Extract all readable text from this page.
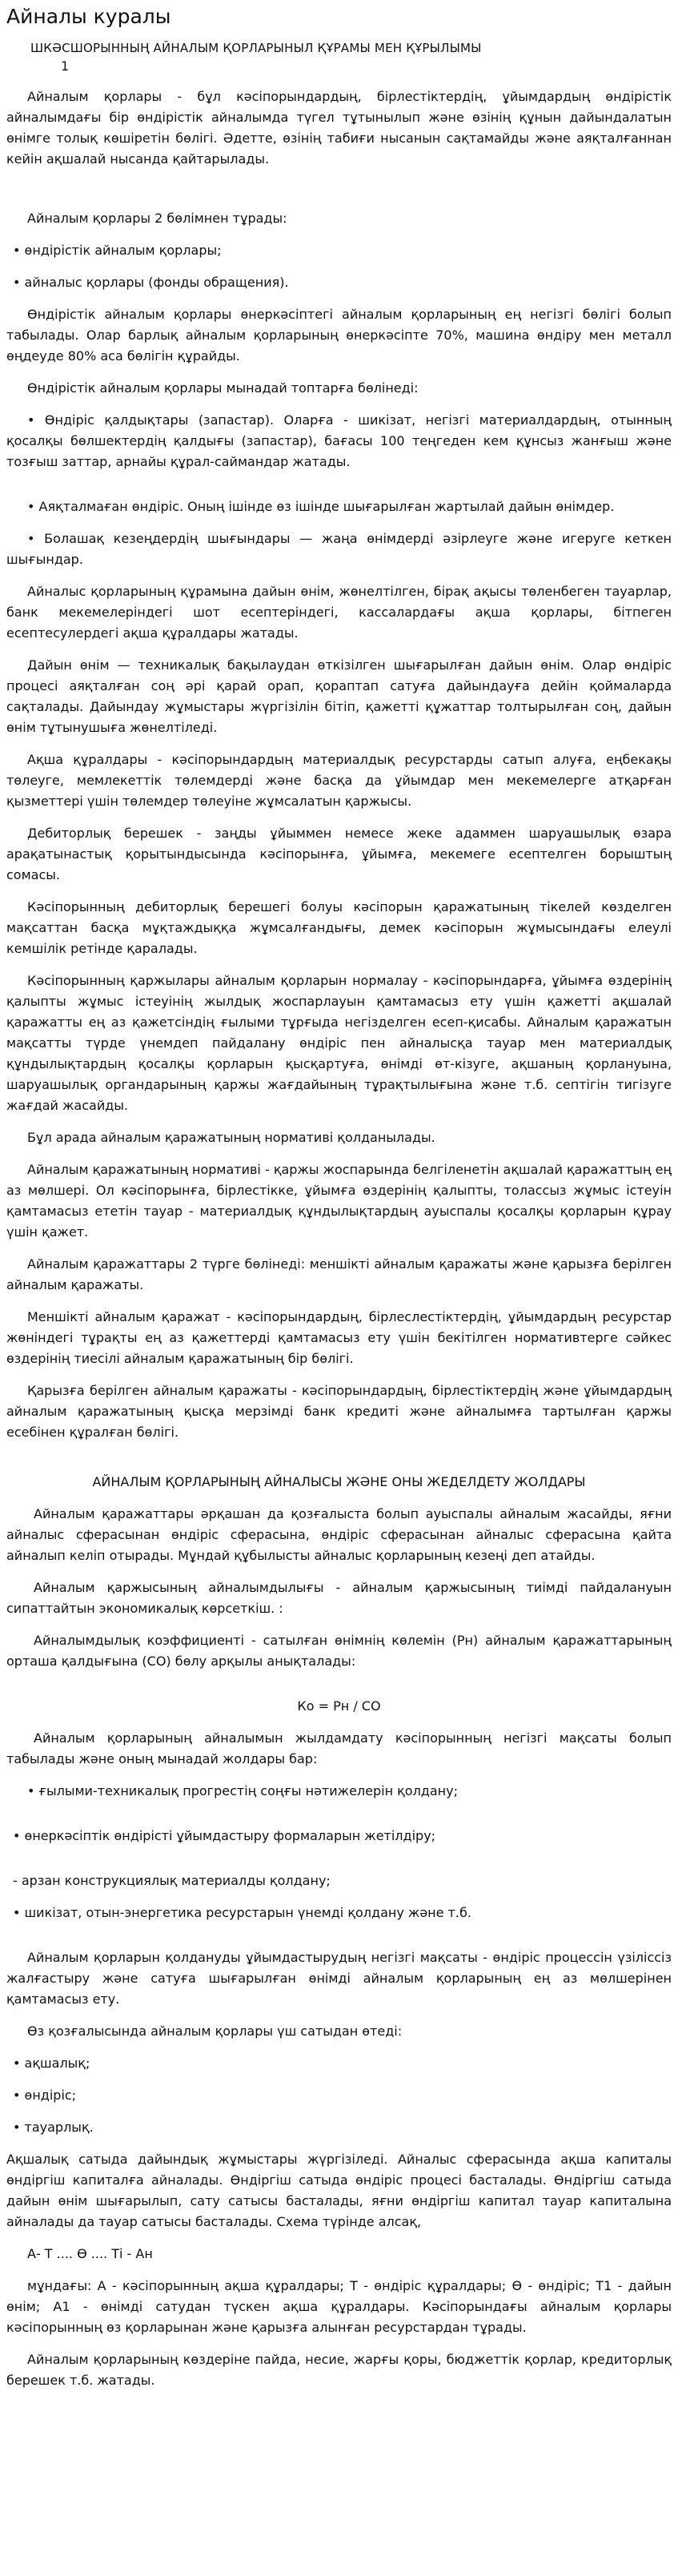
Айналы куралы
ШКӘСШОРЫННЫҢ АЙНАЛЫМ ҚОРЛАРЫНЫЛ ҚҰРАМЫ МЕН ҚҰРЫЛЫМЫ
1

Айналым қорлары - бұл кәсіпорындардың, бірлестіктердің, ұйымдардың өндірістік айналымдағы бір өндірістік айналымда түгел тұтынылып және өзінің құнын дайындалатын өнімге толық көшіретін бөлігі. Әдетте, өзінің табиғи нысанын сақтамайды және аяқталғаннан кейін ақшалай нысанда қайтарылады.

Айналым қорлары 2 бөлімнен тұрады:

• өндірістік айналым қорлары;

• айналыс қорлары (фонды обращения).

Өндірістік айналым қорлары өнеркәсіптегі айналым қорларының ең негізгі бөлігі болып табылады. Олар барлық айналым қорларының өнеркәсіпте 70%, машина өндіру мен металл өңдеуде 80% аса бөлігін құрайды.

Өндірістік айналым қорлары мынадай топтарға бөлінеді:

• Өндіріс қалдықтары (запастар). Оларға - шикізат, негізгі материалдардың, отынның қосалқы бөлшектердің қалдығы (запастар), бағасы 100 теңгеден кем құнсыз жанғыш және тозғыш заттар, арнайы құрал-саймандар жатады.

• Аяқталмаған өндіріс. Оның ішінде өз ішінде шығарылған жартылай дайын өнімдер.

• Болашақ кезеңдердің шығындары — жаңа өнімдерді әзірлеуге және игеруге кеткен шығындар.

Айналыс қорларының құрамына дайын өнім, жөнелтілген, бірақ ақысы төленбеген тауарлар, банк мекемелеріндегі шот есептеріндегі, кассалардағы ақша қорлары, бітпеген есептесулердегі ақша құралдары жатады.

Дайын өнім — техникалық бақылаудан өткізілген шығарылған дайын өнім. Олар өндіріс процесі аяқталған соң әрі қарай орап, қораптап сатуға дайындауға дейін қоймаларда сақталады. Дайындау жұмыстары жүргізілін бітіп, қажетті құжаттар толтырылған соң, дайын өнім тұтынушыға жөнелтіледі.

Ақша құралдары - кәсіпорындардың материалдық ресурстарды сатып алуға, еңбекақы төлеуге, мемлекеттік төлемдерді және басқа да ұйымдар мен мекемелерге атқарған қызметтері үшін төлемдер төлеуіне жұмсалатын қаржысы.

Дебиторлық берешек - заңды ұйыммен немесе жеке адаммен шаруашылық өзара арақатынастық қорытындысында кәсіпорынға, ұйымға, мекемеге есептелген борыштың сомасы.

Кәсіпорынның дебиторлық берешегі болуы кәсіпорын қаражатының тікелей көзделген мақсаттан басқа мұқтаждыққа жұмсалғандығы, демек кәсіпорын жұмысындағы елеулі кемшілік ретінде қаралады.

Кәсіпорынның қаржылары айналым қорларын нормалау - кәсіпорындарға, ұйымға өздерінің қалыпты жұмыс істеуінің жылдық жоспарлауын қамтамасыз ету үшін қажетті ақшалай қаражатты ең аз қажетсіндің ғылыми тұрғыда негізделген есеп-қисабы. Айналым қаражатын мақсатты түрде үнемдеп пайдалану өндіріс пен айналысқа тауар мен материалдық құндылықтардың қосалқы қорларын қысқартуға, өнімді өт-кізуге, ақшаның қорлануына, шаруашылық органдарының қаржы жағдайының тұрақтылығына және т.б. септігін тигізуге жағдай жасайды.

Бұл арада айналым қаражатының нормативі қолданылады.

Айналым қаражатының нормативі - қаржы жоспарында белгіленетін ақшалай қаражаттың ең аз мөлшері. Ол кәсіпорынға, бірлестікке, ұйымға өздерінің қалыпты, толассыз жұмыс істеуін қамтамасыз ететін тауар - материалдық құндылықтардың ауыспалы қосалқы қорларын құрау үшін қажет.

Айналым қаражаттары 2 түрге бөлінеді: меншікті айналым қаражаты және қарызға берілген айналым қаражаты.

Меншікті айналым қаражат - кәсіпорындардың, бірлеслестіктердің, ұйымдардың ресурстар жөніндегі тұрақты ең аз қажеттерді қамтамасыз ету үшін бекітілген нормативтерге сәйкес өздерінің тиесілі айналым қаражатының бір бөлігі.

Қарызға берілген айналым қаражаты - кәсіпорындардың, бірлестіктердің және ұйымдардың айналым қаражатының қысқа мерзімді банк кредиті және айналымға тартылған қаржы есебінен құралған бөлігі.

АЙНАЛЫМ ҚОРЛАРЫНЫҢ АЙНАЛЫСЫ ЖӘНЕ ОНЫ ЖЕДЕЛДЕТУ ЖОЛДАРЫ

Айналым қаражаттары әрқашан да қозғалыста болып ауыспалы айналым жасайды, яғни айналыс сферасынан өндіріс сферасына, өндіріс сферасынан айналыс сферасына қайта айналып келіп отырады. Мұндай құбылысты айналыс қорларының кезеңі деп атайды.

Айналым қаржысының айналымдылығы - айналым қаржысының тиімді пайдалануын сипаттайтын экономикалық көрсеткіш. :

Айналымдылық коэффициенті - сатылған өнімнің көлемін (Pн) айналым қаражаттарының орташа қалдығына (СО) бөлу арқылы анықталады:

Ко = Рн / СО

Айналым қорларының айналымын жылдамдату кәсіпорынның негізгі мақсаты болып табылады және оның мынадай жолдары бар:

• ғылыми-техникалық прогрестің соңғы нәтижелерін қолдану;

• өнеркәсіптік өндірісті ұйымдастыру формаларын жетілдіру;

- арзан конструкциялық материалды қолдану;

• шикізат, отын-энергетика ресурстарын үнемді қолдану және т.б.

Айналым қорларын қолдануды ұйымдастырудың негізгі мақсаты - өндіріс процессін үзіліссіз жалғастыру және сатуға шығарылған өнімді айналым қорларының ең аз мөлшерінен қамтамасыз ету.

Өз қозғалысында айналым қорлары үш сатыдан өтеді:

• ақшалық;

• өндіріс;

• тауарлық.

Ақшалық сатыда дайындық жұмыстары жүргізіледі. Айналыс сферасында ақша капиталы өндіргіш капиталға айналады. Өндіргіш сатыда өндіріс процесі басталады. Өндіргіш сатыда дайын өнім шығарылып, сату сатысы басталады, яғни өндіргіш капитал тауар капиталына айналады да тауар сатысы басталады. Схема түрінде алсақ,

А- Т .... Ө .... Ті - Ан

мұндағы: А - кәсіпорынның ақша құралдары; Т - өндіріс құралдары; Ө - өндіріс; Т1 - дайын өнім; А1 - өнімді сатудан түскен ақша құралдары. Кәсіпорындағы айналым қорлары кәсіпорынның өз қорларынан және қарызға алынған ресурстардан тұрады.

Айналым қорларының көздеріне пайда, несие, жарғы қоры, бюджеттік қорлар, кредиторлық берешек т.б. жатады.
